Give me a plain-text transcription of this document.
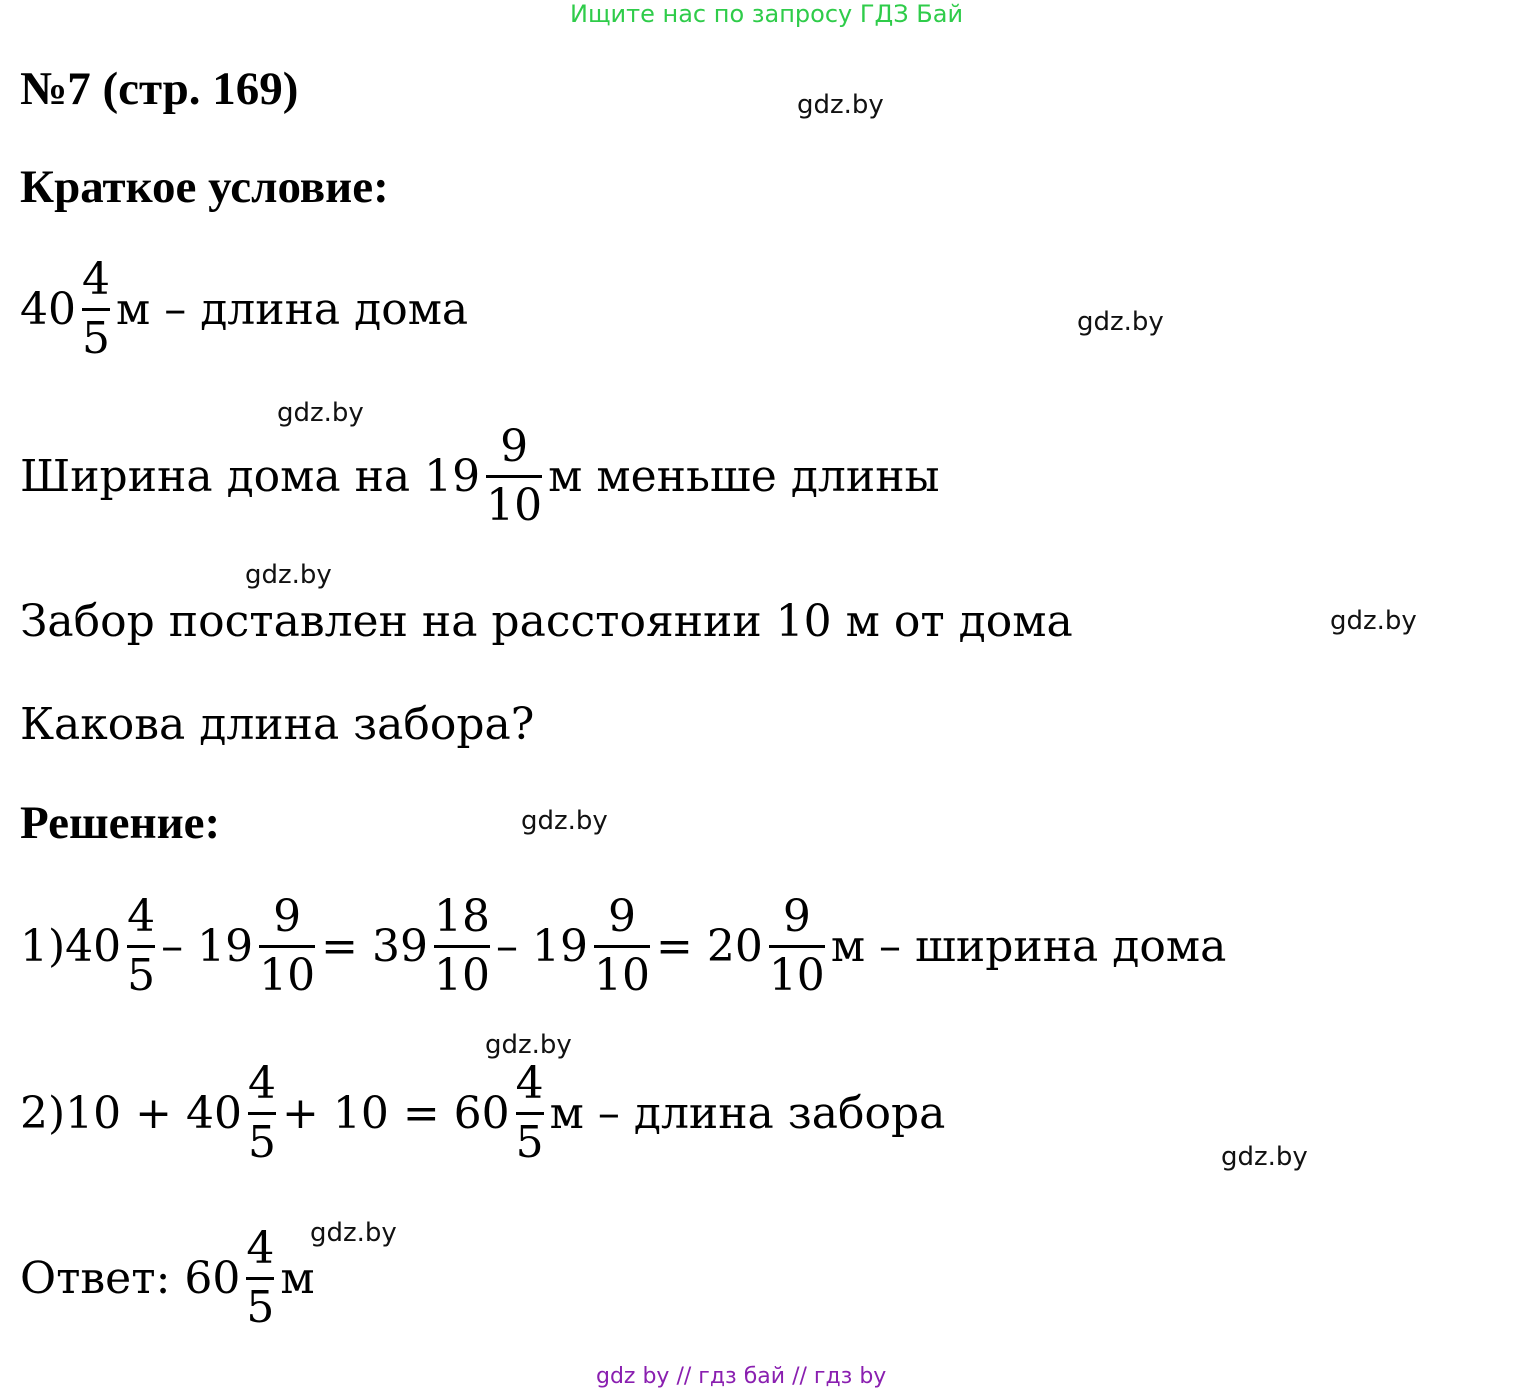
Ищите нас по запросу ГДЗ Бай
№7 (стр. 169)
Краткое условие:
$40 \frac{4}{5}$ м – длина дома
Ширина дома на $19 \frac{9}{10}$ м меньше длины
Забор поставлен на расстоянии 10 м от дома
Какова длина забора?
Решение:
$1)40 \frac{4}{5} - 19 \frac{9}{10} = 39 \frac{18}{10} - 19 \frac{9}{10} = 20 \frac{9}{10}$ м – ширина дома
$2)10 + 40 \frac{4}{5} + 10 = 60 \frac{4}{5}$ м – длина забора
Ответ: $60 \frac{4}{5}$ м
gdz.by
gdz.by
gdz.by
gdz.by
gdz.by
gdz.by
gdz.by
gdz.by
gdz.by
gdz by // гдз бай // гдз by
